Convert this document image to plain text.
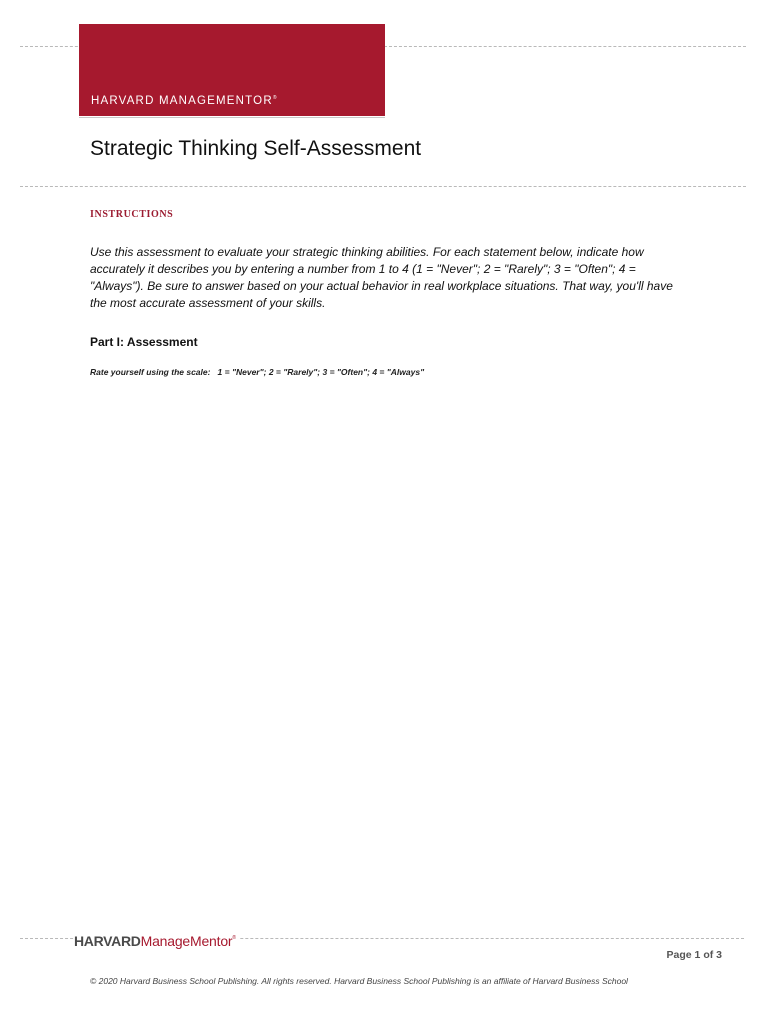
HARVARD MANAGEMENTOR®
Strategic Thinking Self-Assessment
INSTRUCTIONS

Use this assessment to evaluate your strategic thinking abilities. For each statement below, indicate how accurately it describes you by entering a number from 1 to 4 (1 = "Never"; 2 = "Rarely"; 3 = "Often"; 4 = "Always"). Be sure to answer based on your actual behavior in real workplace situations. That way, you'll have the most accurate assessment of your skills.

Part I: Assessment
Rate yourself using the scale:   1 = "Never"; 2 = "Rarely"; 3 = "Often"; 4 = "Always"
HARVARDManageMentor®
Page 1 of 3
© 2020 Harvard Business School Publishing. All rights reserved. Harvard Business School Publishing is an affiliate of Harvard Business School
